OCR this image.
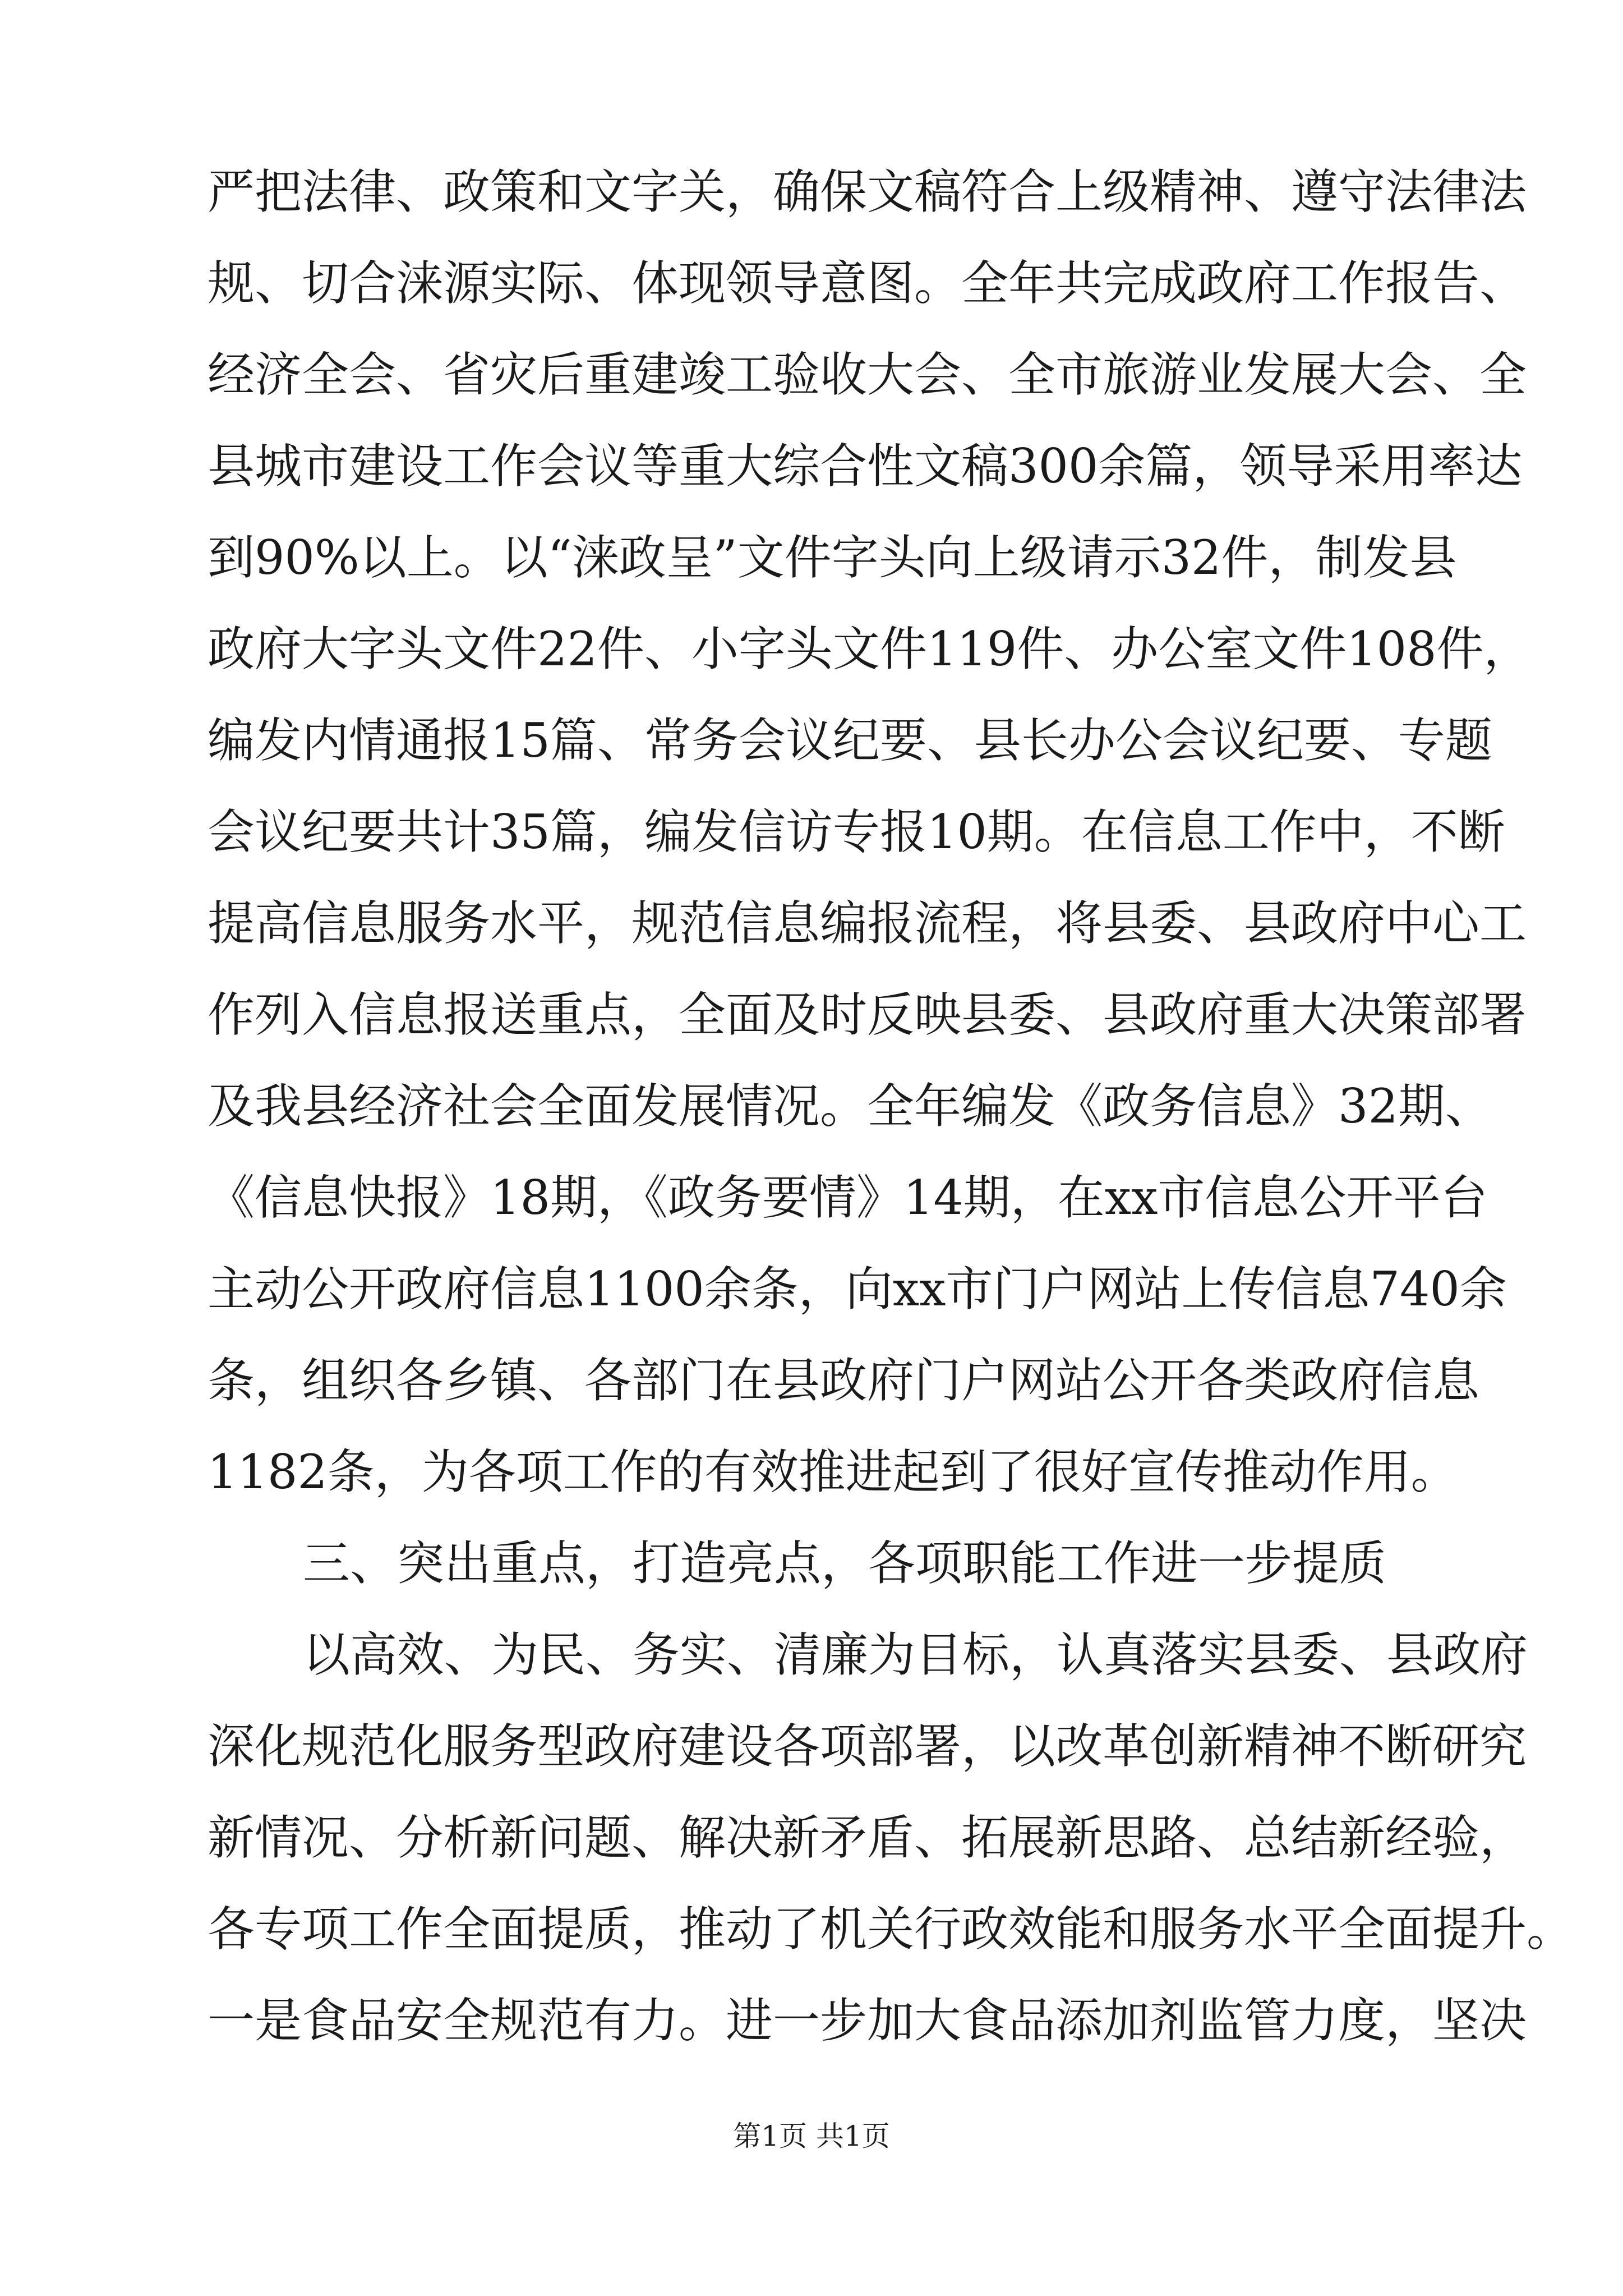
严把法律、政策和文字关，确保文稿符合上级精神、遵守法律法
规、切合涞源实际、体现领导意图。全年共完成政府工作报告、
经济全会、省灾后重建竣工验收大会、全市旅游业发展大会、全
县城市建设工作会议等重大综合性文稿300余篇，领导采用率达
到90%以上。以“涞政呈”文件字头向上级请示32件，制发县
政府大字头文件22件、小字头文件119件、办公室文件108件，
编发内情通报15篇、常务会议纪要、县长办公会议纪要、专题
会议纪要共计35篇，编发信访专报10期。在信息工作中，不断
提高信息服务水平，规范信息编报流程，将县委、县政府中心工
作列入信息报送重点，全面及时反映县委、县政府重大决策部署
及我县经济社会全面发展情况。全年编发《政务信息》32期、
《信息快报》18期，《政务要情》14期，在xx市信息公开平台
主动公开政府信息1100余条，向xx市门户网站上传信息740余
条，组织各乡镇、各部门在县政府门户网站公开各类政府信息
1182条，为各项工作的有效推进起到了很好宣传推动作用。
三、突出重点，打造亮点，各项职能工作进一步提质
以高效、为民、务实、清廉为目标，认真落实县委、县政府
深化规范化服务型政府建设各项部署，以改革创新精神不断研究
新情况、分析新问题、解决新矛盾、拓展新思路、总结新经验，
各专项工作全面提质，推动了机关行政效能和服务水平全面提升。
一是食品安全规范有力。进一步加大食品添加剂监管力度，坚决
第1页 共1页
